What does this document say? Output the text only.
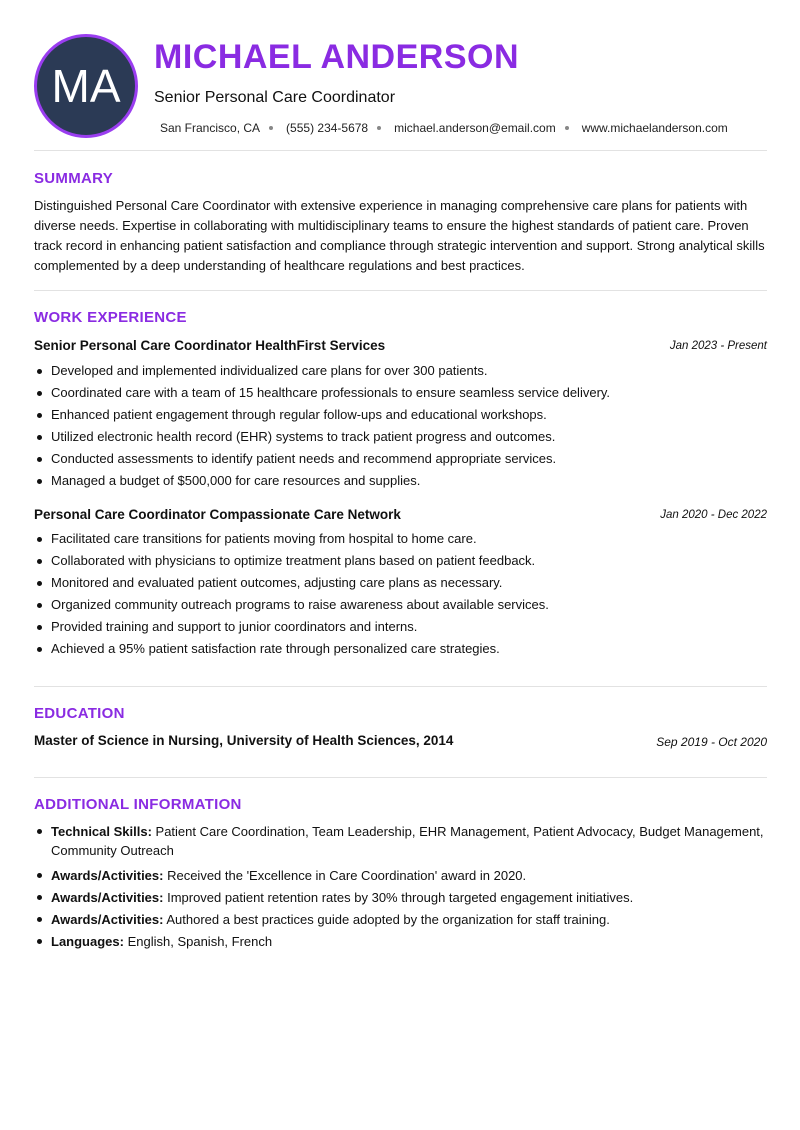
MA
MICHAEL ANDERSON
Senior Personal Care Coordinator
San Francisco, CA (555) 234-5678 michael.anderson@email.com www.michaelanderson.com
SUMMARY

Distinguished Personal Care Coordinator with extensive experience in managing comprehensive care plans for patients with diverse needs. Expertise in collaborating with multidisciplinary teams to ensure the highest standards of patient care. Proven track record in enhancing patient satisfaction and compliance through strategic intervention and support. Strong analytical skills complemented by a deep understanding of healthcare regulations and best practices.

WORK EXPERIENCE
Senior Personal Care Coordinator HealthFirst Services	Jan 2023 - Present
Developed and implemented individualized care plans for over 300 patients.
Coordinated care with a team of 15 healthcare professionals to ensure seamless service delivery.
Enhanced patient engagement through regular follow-ups and educational workshops.
Utilized electronic health record (EHR) systems to track patient progress and outcomes.
Conducted assessments to identify patient needs and recommend appropriate services.
Managed a budget of $500,000 for care resources and supplies.
Personal Care Coordinator Compassionate Care Network	Jan 2020 - Dec 2022
Facilitated care transitions for patients moving from hospital to home care.
Collaborated with physicians to optimize treatment plans based on patient feedback.
Monitored and evaluated patient outcomes, adjusting care plans as necessary.
Organized community outreach programs to raise awareness about available services.
Provided training and support to junior coordinators and interns.
Achieved a 95% patient satisfaction rate through personalized care strategies.
EDUCATION
Master of Science in Nursing, University of Health Sciences, 2014	Sep 2019 - Oct 2020
ADDITIONAL INFORMATION
Technical Skills: Patient Care Coordination, Team Leadership, EHR Management, Patient Advocacy, Budget Management, Community Outreach
Awards/Activities: Received the 'Excellence in Care Coordination' award in 2020.
Awards/Activities: Improved patient retention rates by 30% through targeted engagement initiatives.
Awards/Activities: Authored a best practices guide adopted by the organization for staff training.
Languages: English, Spanish, French
